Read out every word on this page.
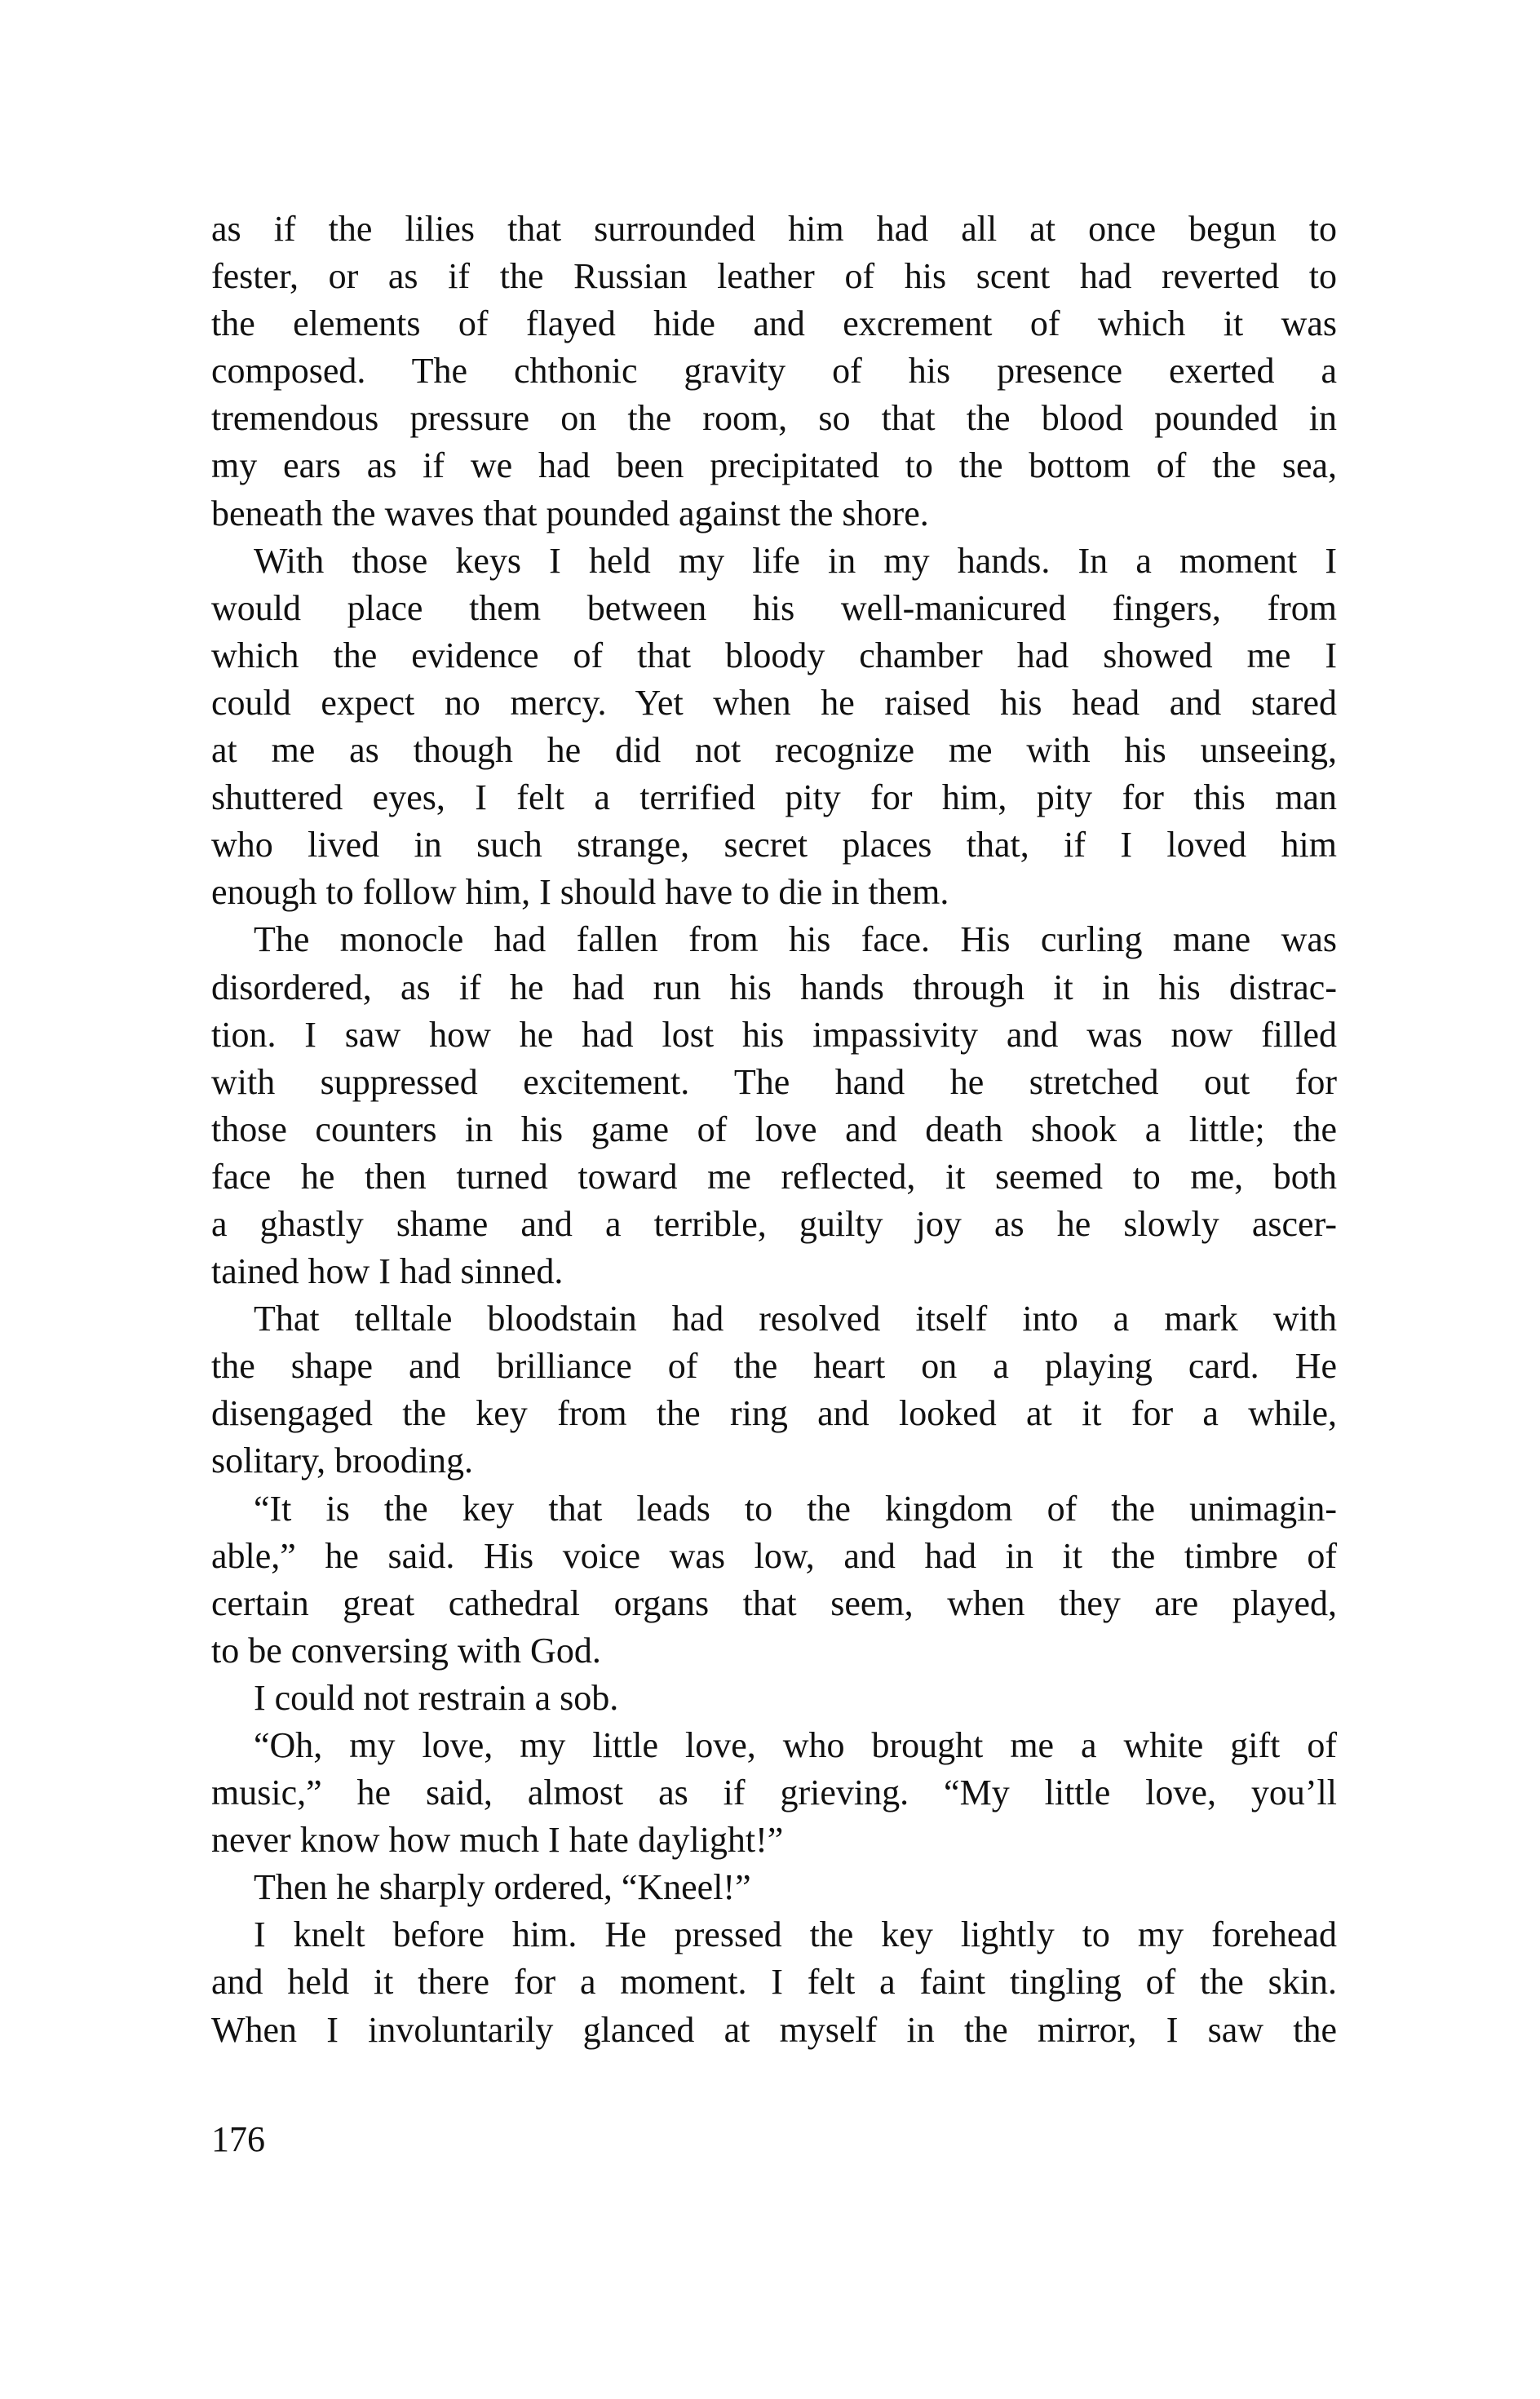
as if the lilies that surrounded him had all at once begun to
fester, or as if the Russian leather of his scent had reverted to
the elements of flayed hide and excrement of which it was
composed. The chthonic gravity of his presence exerted a
tremendous pressure on the room, so that the blood pounded in
my ears as if we had been precipitated to the bottom of the sea,
beneath the waves that pounded against the shore.
With those keys I held my life in my hands. In a moment I
would place them between his well-manicured fingers, from
which the evidence of that bloody chamber had showed me I
could expect no mercy. Yet when he raised his head and stared
at me as though he did not recognize me with his unseeing,
shuttered eyes, I felt a terrified pity for him, pity for this man
who lived in such strange, secret places that, if I loved him
enough to follow him, I should have to die in them.
The monocle had fallen from his face. His curling mane was
disordered, as if he had run his hands through it in his distrac-
tion. I saw how he had lost his impassivity and was now filled
with suppressed excitement. The hand he stretched out for
those counters in his game of love and death shook a little; the
face he then turned toward me reflected, it seemed to me, both
a ghastly shame and a terrible, guilty joy as he slowly ascer-
tained how I had sinned.
That telltale bloodstain had resolved itself into a mark with
the shape and brilliance of the heart on a playing card. He
disengaged the key from the ring and looked at it for a while,
solitary, brooding.
“It is the key that leads to the kingdom of the unimagin-
able,” he said. His voice was low, and had in it the timbre of
certain great cathedral organs that seem, when they are played,
to be conversing with God.
I could not restrain a sob.
“Oh, my love, my little love, who brought me a white gift of
music,” he said, almost as if grieving. “My little love, you’ll
never know how much I hate daylight!”
Then he sharply ordered, “Kneel!”
I knelt before him. He pressed the key lightly to my forehead
and held it there for a moment. I felt a faint tingling of the skin.
When I involuntarily glanced at myself in the mirror, I saw the
176
